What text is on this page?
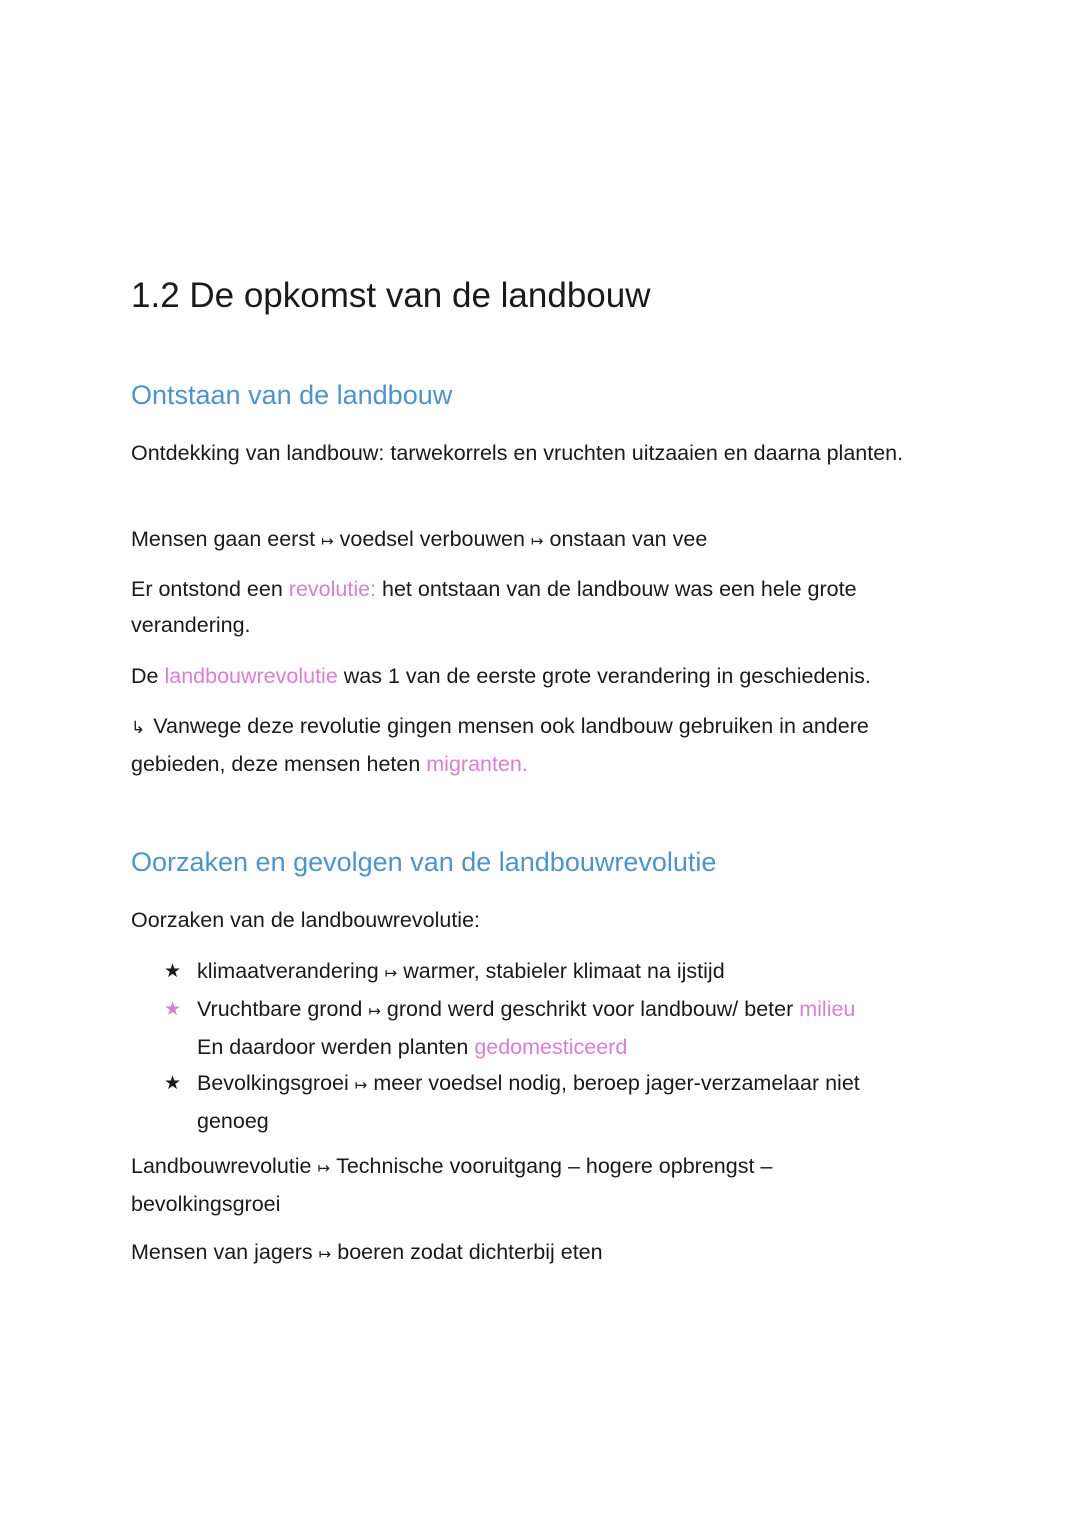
1.2 De opkomst van de landbouw
Ontstaan van de landbouw

Ontdekking van landbouw: tarwekorrels en vruchten uitzaaien en daarna planten.

Mensen gaan eerst ↦ voedsel verbouwen ↦ onstaan van vee

Er ontstond een revolutie: het ontstaan van de landbouw was een hele grote verandering.

De landbouwrevolutie was 1 van de eerste grote verandering in geschiedenis.

↳ Vanwege deze revolutie gingen mensen ook landbouw gebruiken in andere gebieden, deze mensen heten migranten.

Oorzaken en gevolgen van de landbouwrevolutie

Oorzaken van de landbouwrevolutie:

★ klimaatverandering ↦ warmer, stabieler klimaat na ijstijd
★ Vruchtbare grond ↦ grond werd geschrikt voor landbouw/ beter milieu
En daardoor werden planten gedomesticeerd
★ Bevolkingsgroei ↦ meer voedsel nodig, beroep jager-verzamelaar niet genoeg

Landbouwrevolutie ↦ Technische vooruitgang – hogere opbrengst – bevolkingsgroei

Mensen van jagers ↦ boeren zodat dichterbij eten
